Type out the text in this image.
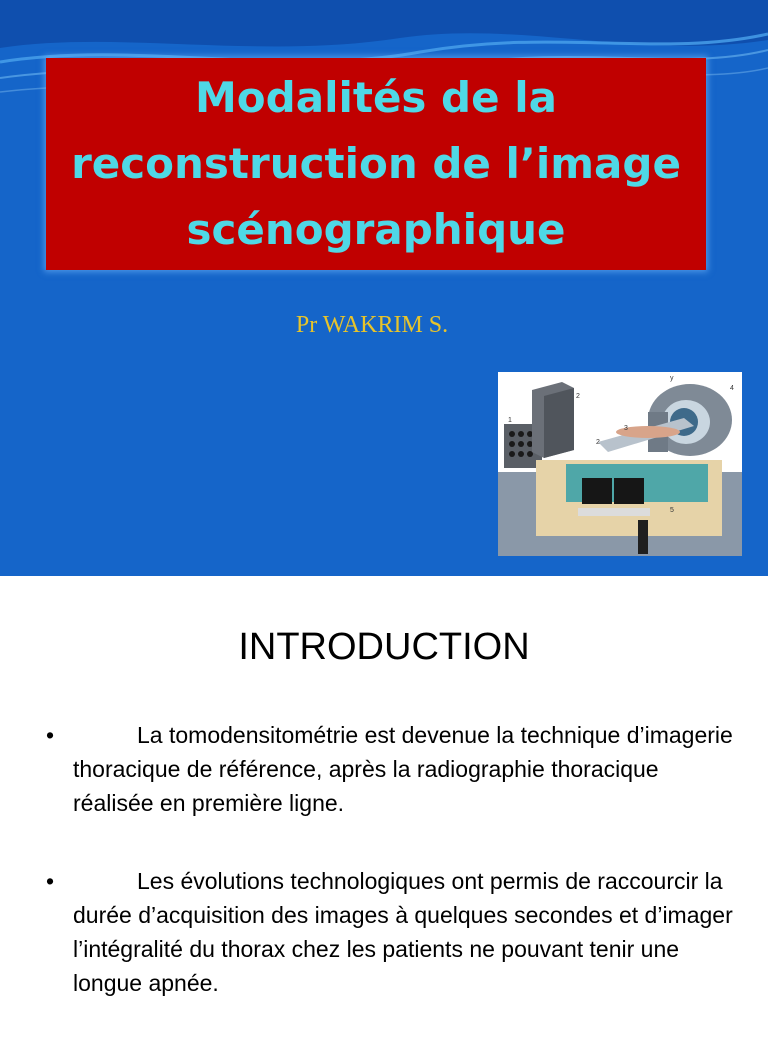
Modalités de la reconstruction de l’image scénographique
Pr WAKRIM S.
1
2
2
3
4
5
y
INTRODUCTION
•	La tomodensitométrie est devenue la technique d’imagerie thoracique de référence, après la radiographie thoracique réalisée en première ligne.
•	Les évolutions technologiques ont permis de raccourcir la durée d’acquisition des images à quelques secondes et d’imager l’intégralité du thorax chez les patients ne pouvant tenir une longue apnée.
